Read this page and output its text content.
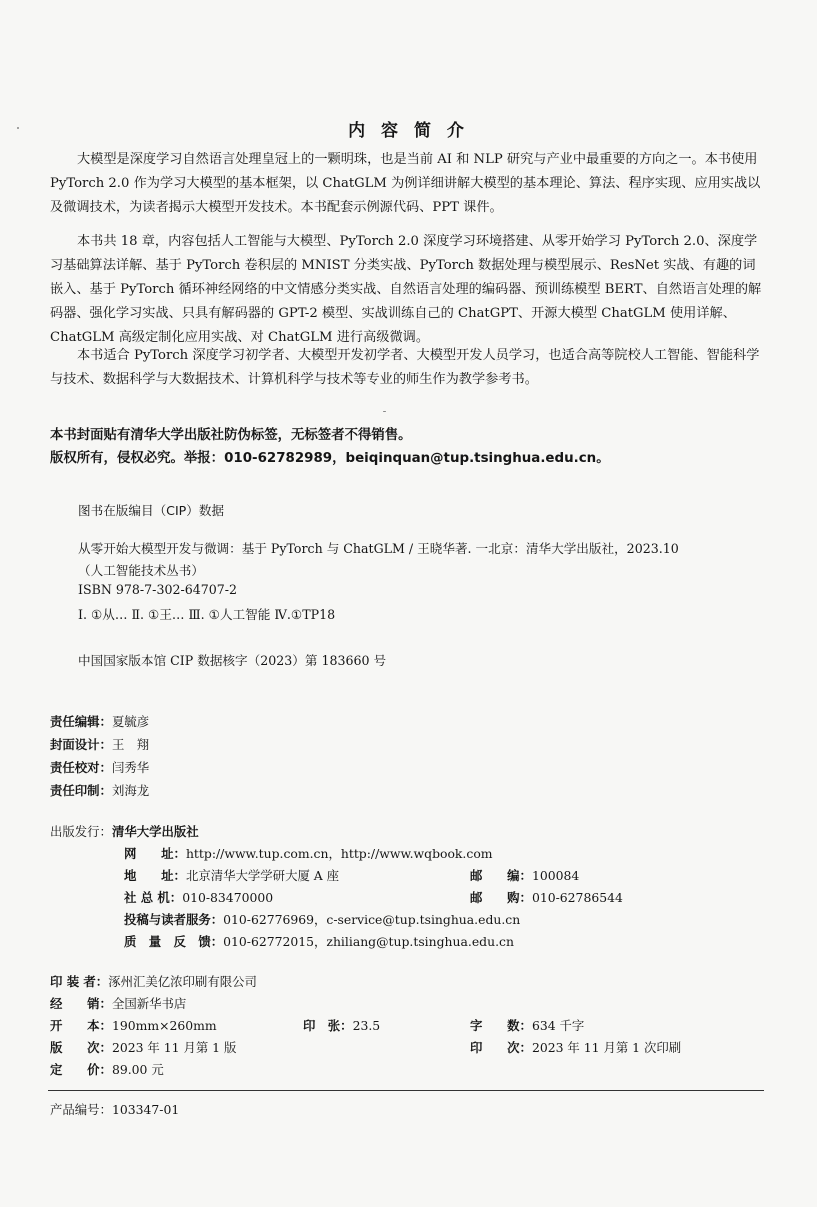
内 容 简 介
大模型是深度学习自然语言处理皇冠上的一颗明珠，也是当前 AI 和 NLP 研究与产业中最重要的方向之一。本书使用 PyTorch 2.0 作为学习大模型的基本框架，以 ChatGLM 为例详细讲解大模型的基本理论、算法、程序实现、应用实战以及微调技术，为读者揭示大模型开发技术。本书配套示例源代码、PPT 课件。
本书共 18 章，内容包括人工智能与大模型、PyTorch 2.0 深度学习环境搭建、从零开始学习 PyTorch 2.0、深度学习基础算法详解、基于 PyTorch 卷积层的 MNIST 分类实战、PyTorch 数据处理与模型展示、ResNet 实战、有趣的词嵌入、基于 PyTorch 循环神经网络的中文情感分类实战、自然语言处理的编码器、预训练模型 BERT、自然语言处理的解码器、强化学习实战、只具有解码器的 GPT-2 模型、实战训练自己的 ChatGPT、开源大模型 ChatGLM 使用详解、ChatGLM 高级定制化应用实战、对 ChatGLM 进行高级微调。
本书适合 PyTorch 深度学习初学者、大模型开发初学者、大模型开发人员学习，也适合高等院校人工智能、智能科学与技术、数据科学与大数据技术、计算机科学与技术等专业的师生作为教学参考书。
本书封面贴有清华大学出版社防伪标签，无标签者不得销售。
版权所有，侵权必究。举报：010-62782989，beiqinquan@tup.tsinghua.edu.cn。
图书在版编目（CIP）数据
从零开始大模型开发与微调：基于 PyTorch 与 ChatGLM / 王晓华著. 一北京：清华大学出版社，2023.10
（人工智能技术丛书）
ISBN 978-7-302-64707-2
Ⅰ. ①从… Ⅱ. ①王… Ⅲ. ①人工智能 Ⅳ.①TP18
中国国家版本馆 CIP 数据核字（2023）第 183660 号
责任编辑：夏毓彦
封面设计：王　翔
责任校对：闫秀华
责任印制：刘海龙
出版发行：清华大学出版社
网　　址：http://www.tup.com.cn，http://www.wqbook.com
地　　址：北京清华大学学研大厦 A 座	邮　　编：100084
社 总 机：010-83470000	邮　　购：010-62786544
投稿与读者服务：010-62776969，c-service@tup.tsinghua.edu.cn
质　量　反　馈：010-62772015，zhiliang@tup.tsinghua.edu.cn
印 装 者：涿州汇美亿浓印刷有限公司
经　　销：全国新华书店
开　　本：190mm×260mm	印　张：23.5	字　　数：634 千字
版　　次：2023 年 11 月第 1 版	印　　次：2023 年 11 月第 1 次印刷
定　　价：89.00 元
产品编号：103347-01
